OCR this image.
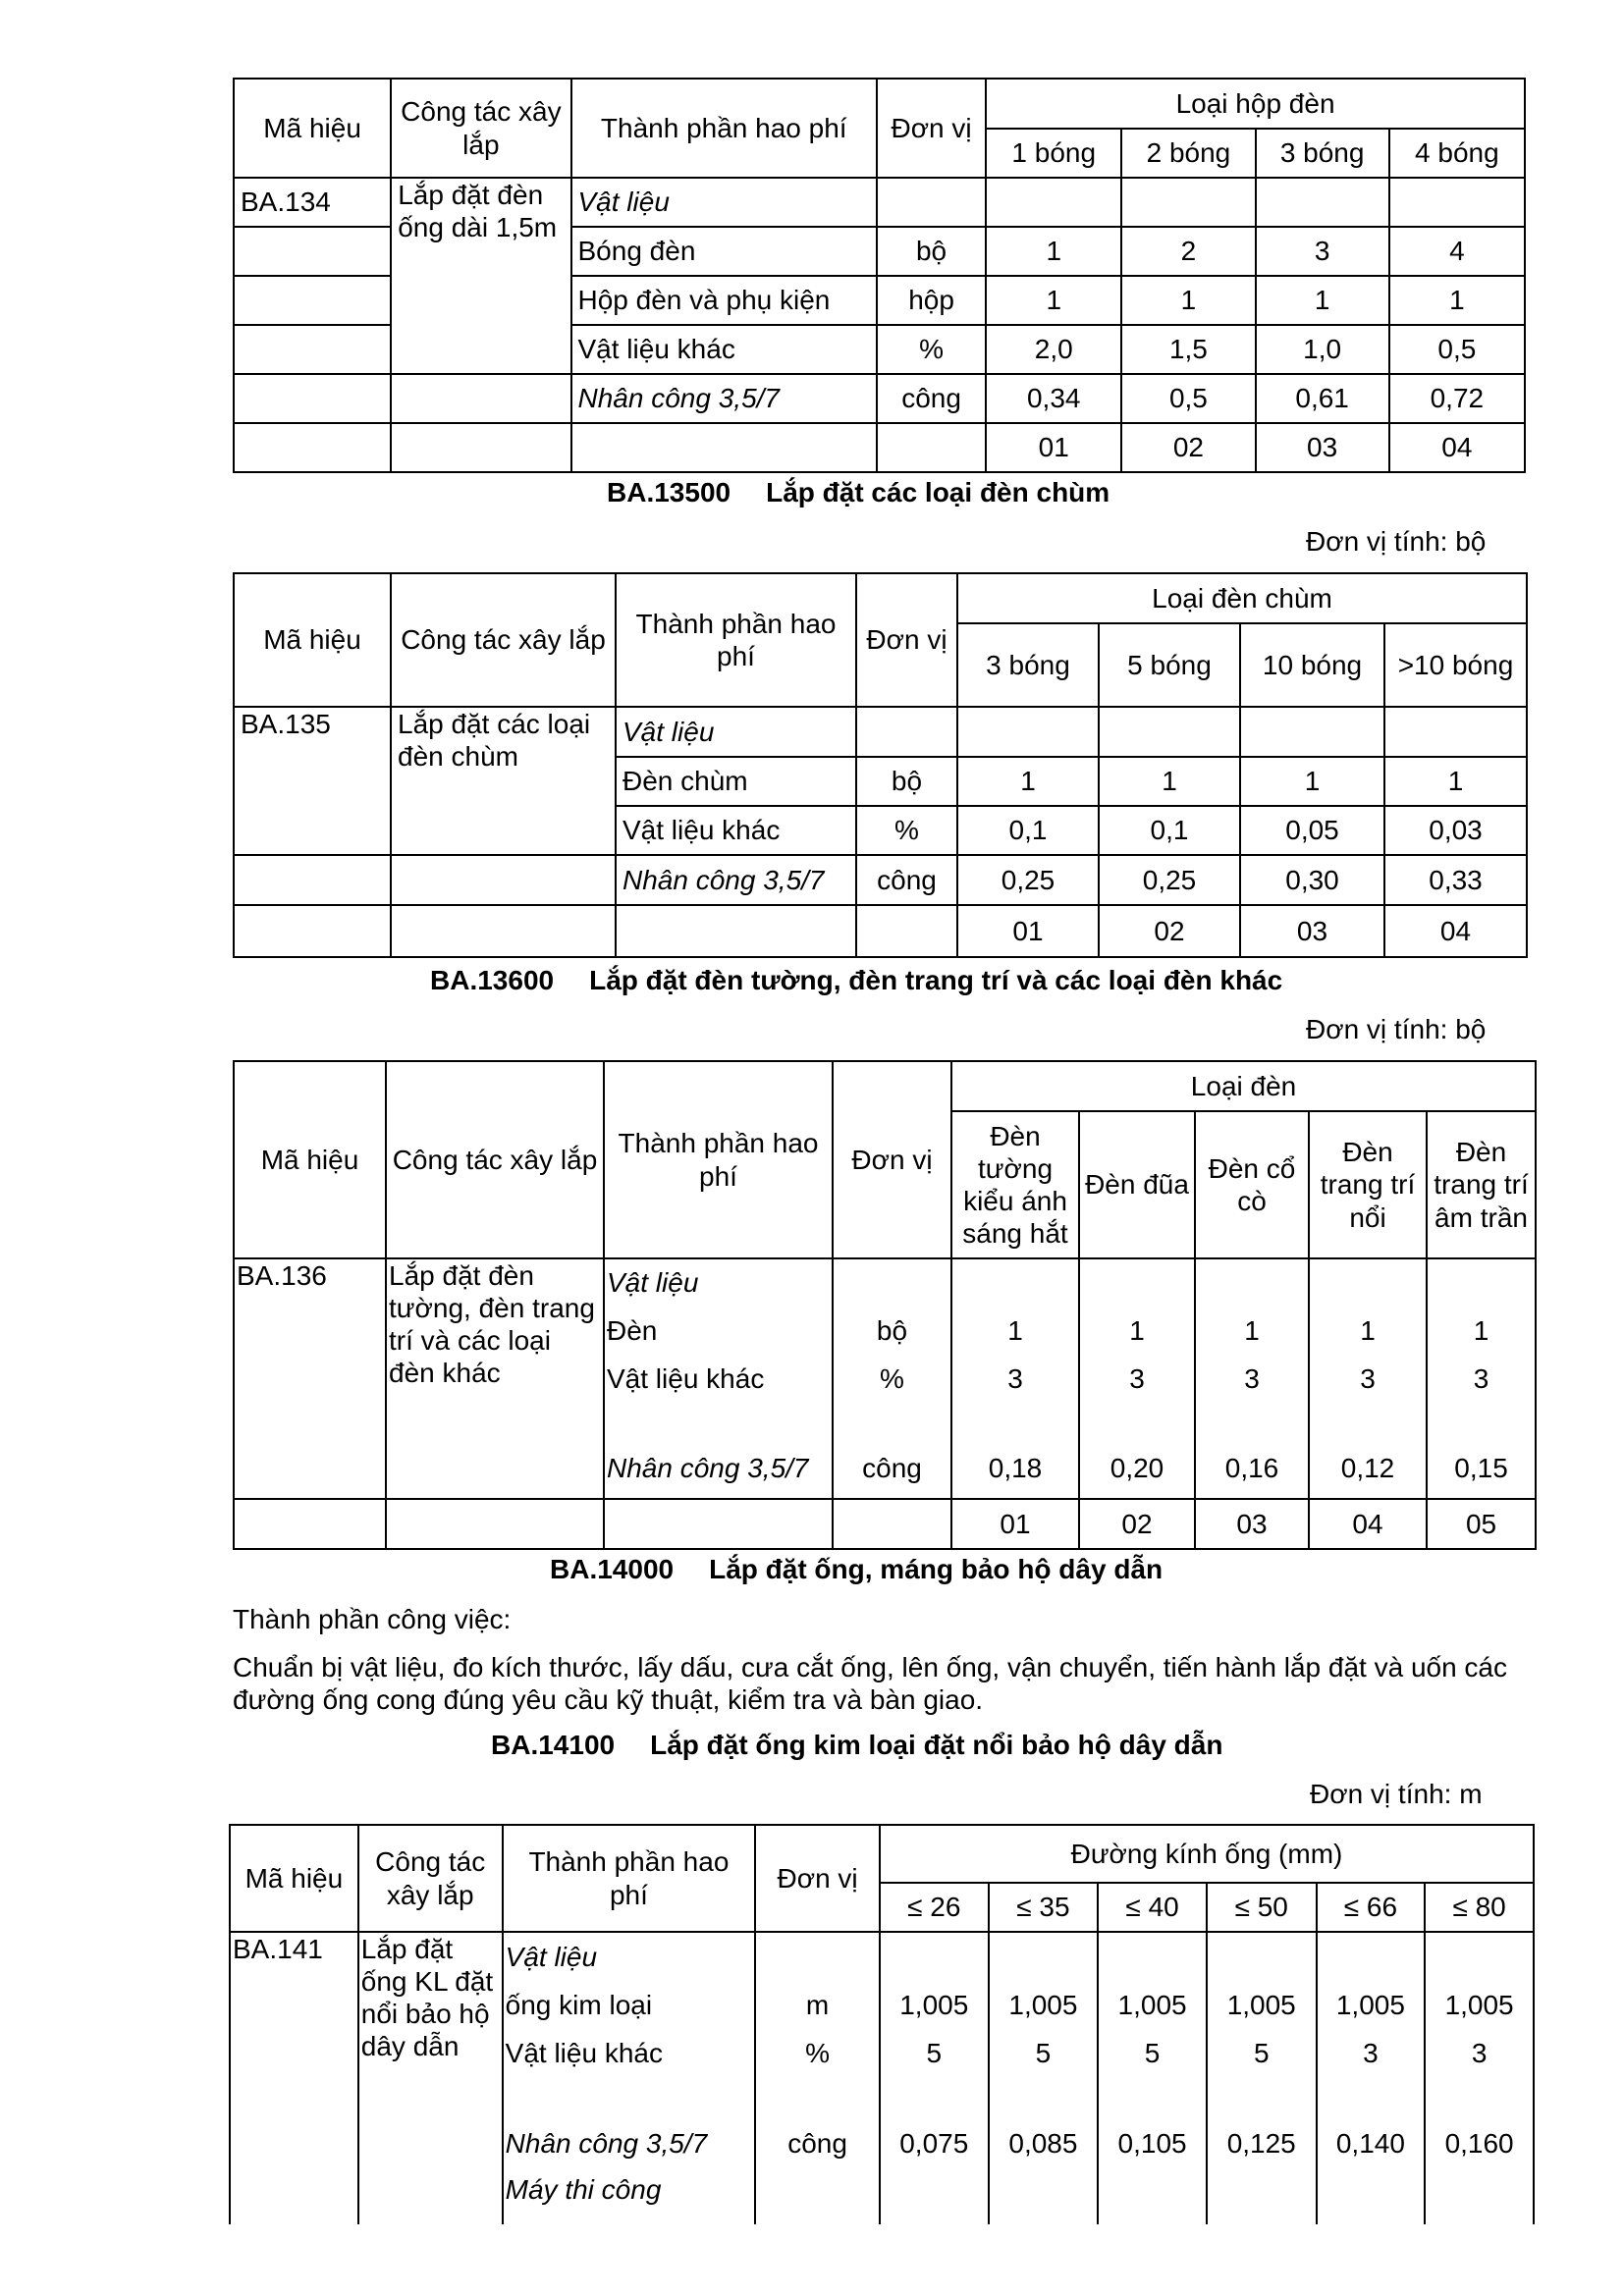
Mã hiệu	Công tác xây lắp	Thành phần hao phí	Đơn vị	Loại hộp đèn			
				1 bóng	2 bóng	3 bóng	4 bóng
BA.134	Lắp đặt đèn ống dài 1,5m	Vật liệu					
		Bóng đèn	bộ	1	2	3	4
		Hộp đèn và phụ kiện	hộp	1	1	1	1
		Vật liệu khác	%	2,0	1,5	1,0	0,5
		Nhân công 3,5/7	công	0,34	0,5	0,61	0,72
				01	02	03	04
BA.13500 Lắp đặt các loại đèn chùm
Đơn vị tính: bộ
Mã hiệu	Công tác xây lắp	Thành phần hao phí	Đơn vị	Loại đèn chùm			
				3 bóng	5 bóng	10 bóng	>10 bóng
BA.135	Lắp đặt các loại đèn chùm	Vật liệu					
		Đèn chùm	bộ	1	1	1	1
		Vật liệu khác	%	0,1	0,1	0,05	0,03
		Nhân công 3,5/7	công	0,25	0,25	0,30	0,33
				01	02	03	04
BA.13600 Lắp đặt đèn tường, đèn trang trí và các loại đèn khác
Đơn vị tính: bộ
Mã hiệu	Công tác xây lắp	Thành phần hao phí	Đơn vị	Loại đèn				
				Đèn tường kiểu ánh sáng hắt	Đèn đũa	Đèn cổ cò	Đèn trang trí nổi	Đèn trang trí âm trần
BA.136	Lắp đặt đèn tường, đèn trang trí và các loại đèn khác	Vật liệu						
		Đèn	bộ	1	1	1	1	1
		Vật liệu khác	%	3	3	3	3	3
		Nhân công 3,5/7	công	0,18	0,20	0,16	0,12	0,15
				01	02	03	04	05
BA.14000 Lắp đặt ống, máng bảo hộ dây dẫn
Thành phần công việc:
Chuẩn bị vật liệu, đo kích thước, lấy dấu, cưa cắt ống, lên ống, vận chuyển, tiến hành lắp đặt và uốn các đường ống cong đúng yêu cầu kỹ thuật, kiểm tra và bàn giao.
BA.14100 Lắp đặt ống kim loại đặt nổi bảo hộ dây dẫn
Đơn vị tính: m
Mã hiệu	Công tác xây lắp	Thành phần hao phí	Đơn vị	Đường kính ống (mm)					
				≤ 26	≤ 35	≤ 40	≤ 50	≤ 66	≤ 80
BA.141	Lắp đặt ống KL đặt nổi bảo hộ dây dẫn	Vật liệu							
		ống kim loại	m	1,005	1,005	1,005	1,005	1,005	1,005
		Vật liệu khác	%	5	5	5	5	3	3
		Nhân công 3,5/7	công	0,075	0,085	0,105	0,125	0,140	0,160
		Máy thi công							
